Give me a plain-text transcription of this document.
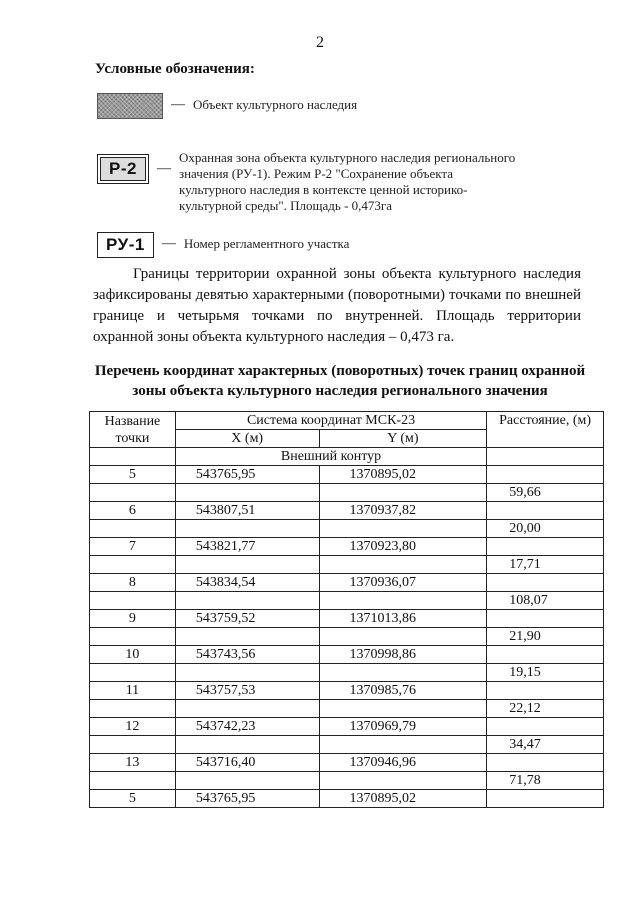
2
Условные обозначения:
— Объект культурного наследия
Р-2	—
Охранная зона объекта культурного наследия регионального значения (РУ-1). Режим Р-2 "Сохранение объекта культурного наследия в контексте ценной историко-культурной среды". Площадь - 0,473га
РУ-1	— Номер регламентного участка
Границы территории охранной зоны объекта культурного наследия зафиксированы девятью характерными (поворотными) точками по внешней границе и четырьмя точками по внутренней. Площадь территории охранной зоны объекта культурного наследия – 0,473 га.
Перечень координат характерных (поворотных) точек границ охранной зоны объекта культурного наследия регионального значения
Название точки	Система координат МСК-23		Расстояние, (м)
	X (м)	Y (м)	
	Внешний контур		
5	543765,95	1370895,02	
			59,66
6	543807,51	1370937,82	
			20,00
7	543821,77	1370923,80	
			17,71
8	543834,54	1370936,07	
			108,07
9	543759,52	1371013,86	
			21,90
10	543743,56	1370998,86	
			19,15
11	543757,53	1370985,76	
			22,12
12	543742,23	1370969,79	
			34,47
13	543716,40	1370946,96	
			71,78
5	543765,95	1370895,02	
